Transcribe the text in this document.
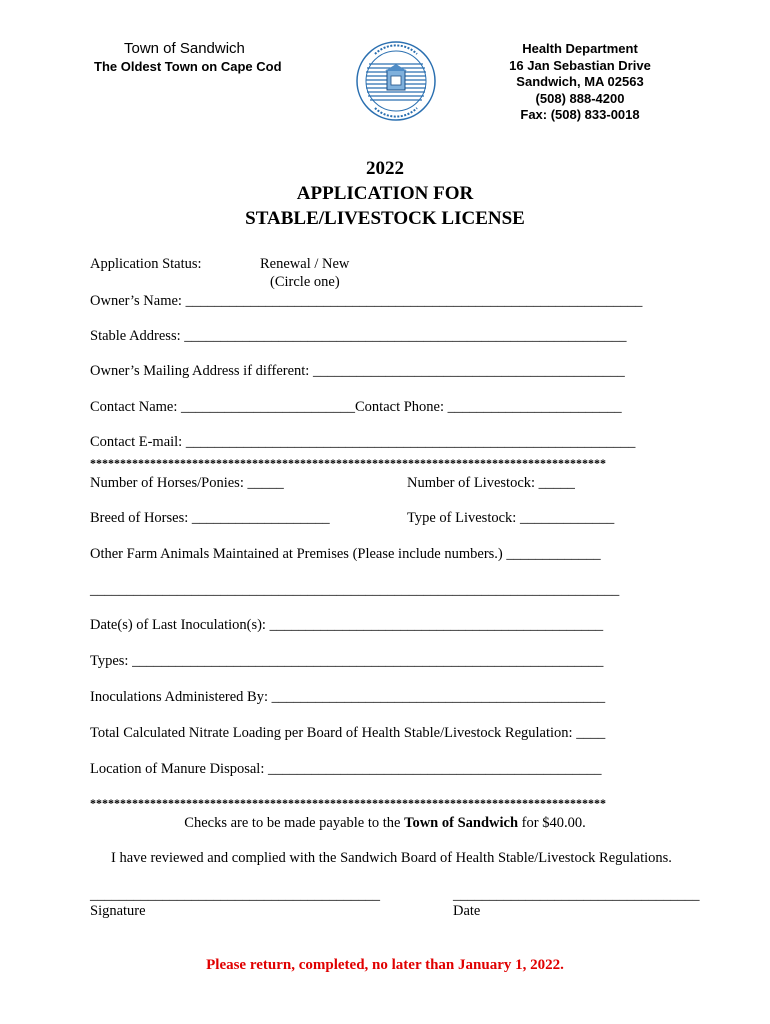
Town of Sandwich
The Oldest Town on Cape Cod
Health Department
16 Jan Sebastian Drive
Sandwich, MA 02563
(508) 888-4200
Fax: (508) 833-0018
2022
APPLICATION FOR
STABLE/LIVESTOCK LICENSE
Application Status:	Renewal / New
(Circle one)
Owner’s Name: _______________________________________________________________
Stable Address: _____________________________________________________________
Owner’s Mailing Address if different: ___________________________________________
Contact Name: ________________________Contact Phone: ________________________
Contact E-mail: ______________________________________________________________
**************************************************************************************
Number of Horses/Ponies: _____	Number of Livestock: _____
Breed of Horses: ___________________	Type of Livestock: _____________
Other Farm Animals Maintained at Premises (Please include numbers.) _____________
_________________________________________________________________________
Date(s) of Last Inoculation(s): ______________________________________________
Types: _________________________________________________________________
Inoculations Administered By: ______________________________________________
Total Calculated Nitrate Loading per Board of Health Stable/Livestock Regulation: ____
Location of Manure Disposal: ______________________________________________
**************************************************************************************
Checks are to be made payable to the Town of Sandwich for $40.00.
I have reviewed and complied with the Sandwich Board of Health Stable/Livestock Regulations.
________________________________________
Signature
__________________________________
Date
Please return, completed, no later than January 1, 2022.
